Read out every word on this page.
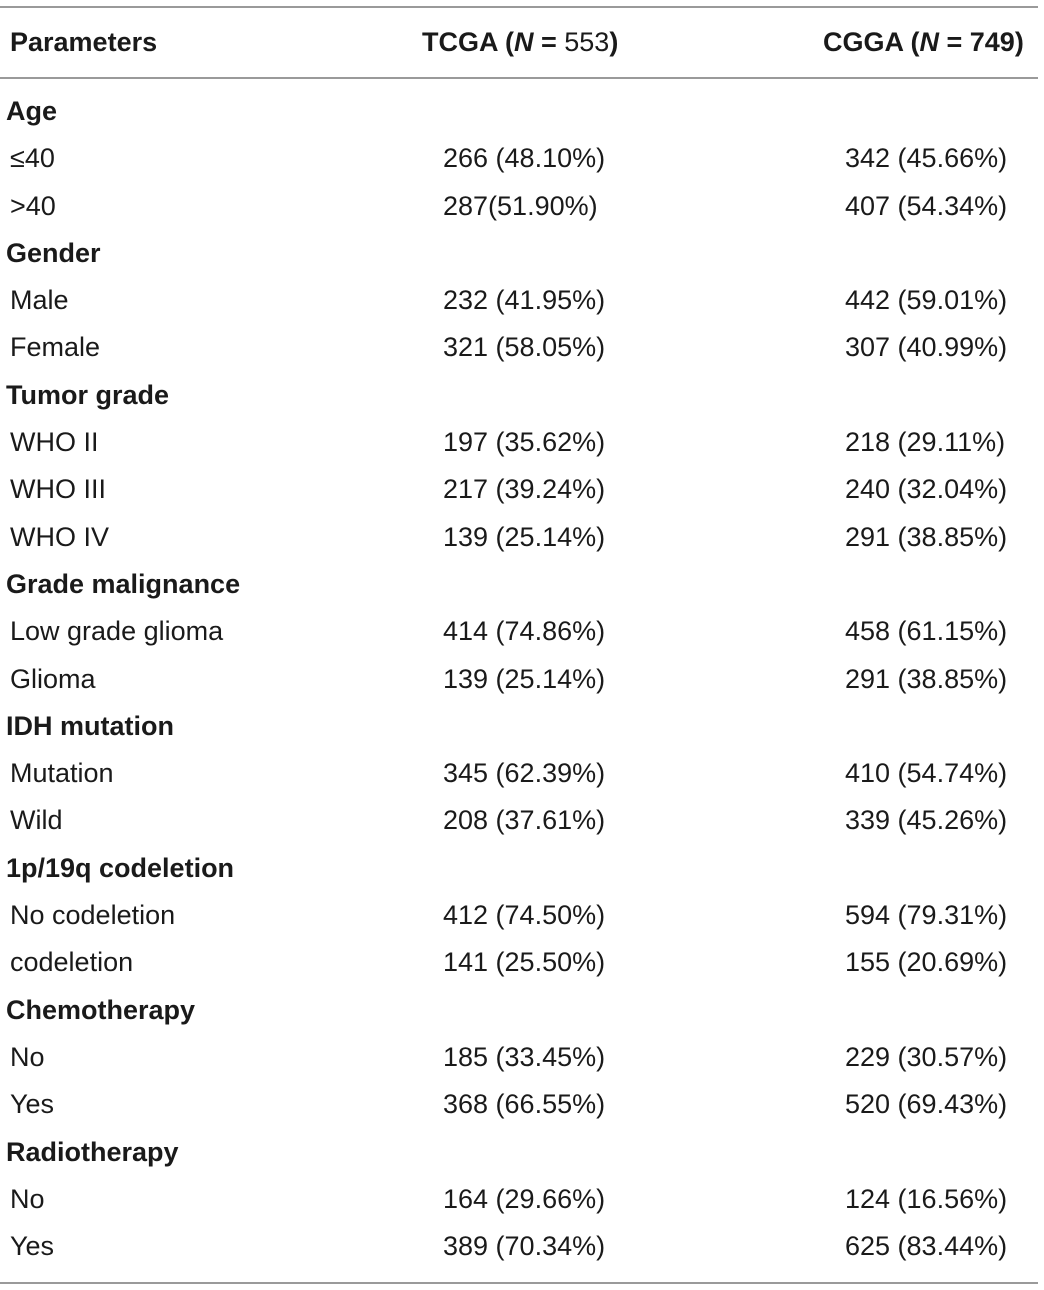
Parameters	TCGA (N = 553)	CGGA (N = 749)
Age
≤40	266 (48.10%)	342 (45.66%)
>40	287(51.90%)	407 (54.34%)
Gender
Male	232 (41.95%)	442 (59.01%)
Female	321 (58.05%)	307 (40.99%)
Tumor grade
WHO II	197 (35.62%)	218 (29.11%)
WHO III	217 (39.24%)	240 (32.04%)
WHO IV	139 (25.14%)	291 (38.85%)
Grade malignance
Low grade glioma	414 (74.86%)	458 (61.15%)
Glioma	139 (25.14%)	291 (38.85%)
IDH mutation
Mutation	345 (62.39%)	410 (54.74%)
Wild	208 (37.61%)	339 (45.26%)
1p/19q codeletion
No codeletion	412 (74.50%)	594 (79.31%)
codeletion	141 (25.50%)	155 (20.69%)
Chemotherapy
No	185 (33.45%)	229 (30.57%)
Yes	368 (66.55%)	520 (69.43%)
Radiotherapy
No	164 (29.66%)	124 (16.56%)
Yes	389 (70.34%)	625 (83.44%)
